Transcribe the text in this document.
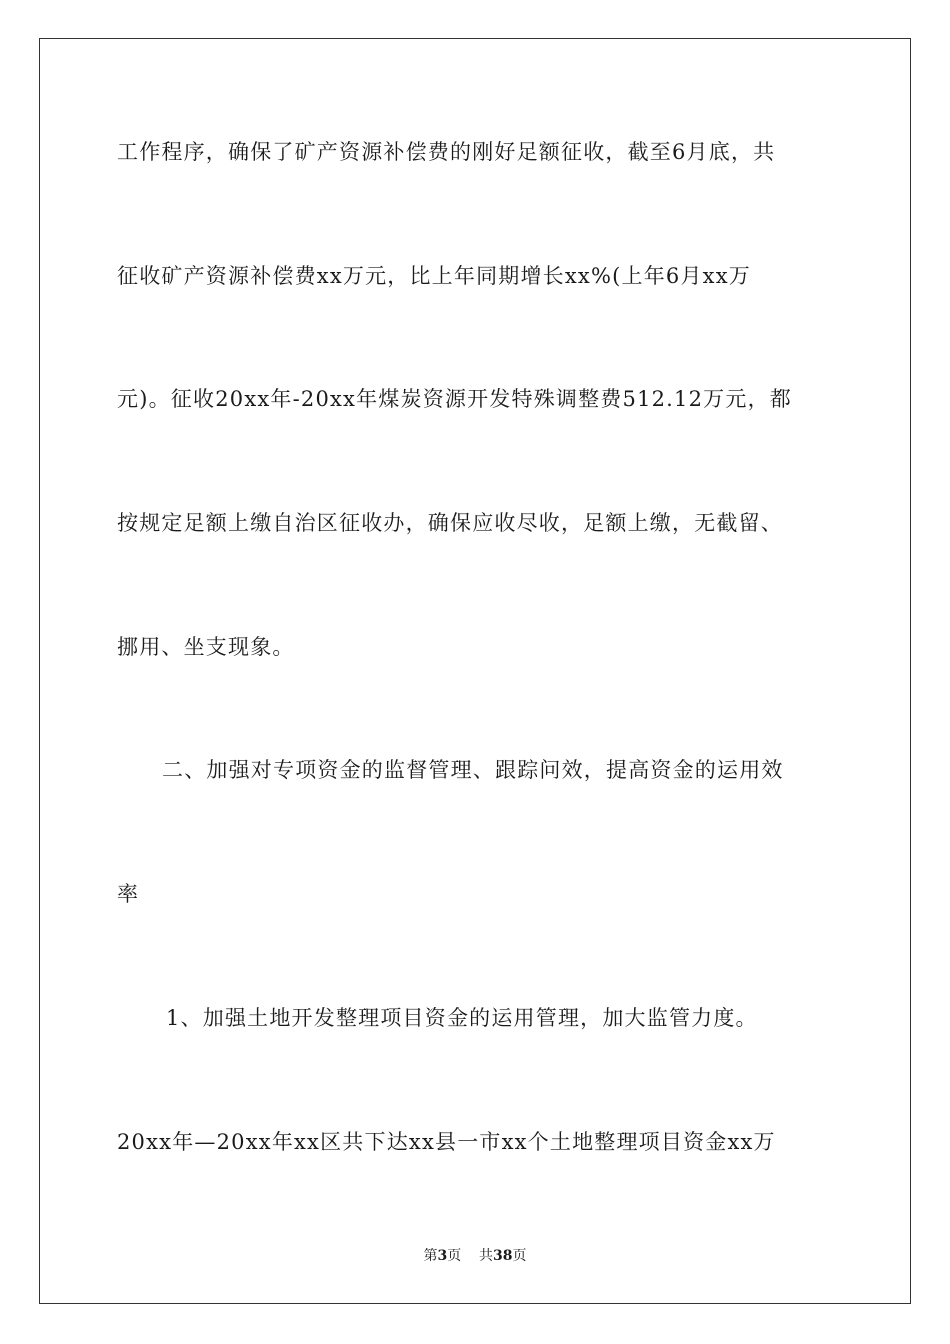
工作程序，确保了矿产资源补偿费的刚好足额征收，截至6月底，共
征收矿产资源补偿费xx万元，比上年同期增长xx%(上年6月xx万
元)。征收20xx年-20xx年煤炭资源开发特殊调整费512.12万元，都
按规定足额上缴自治区征收办，确保应收尽收，足额上缴，无截留、
挪用、坐支现象。
二、加强对专项资金的监督管理、跟踪问效，提高资金的运用效
率
1、加强土地开发整理项目资金的运用管理，加大监管力度。
20xx年—20xx年xx区共下达xx县一市xx个土地整理项目资金xx万
第3页 共38页
